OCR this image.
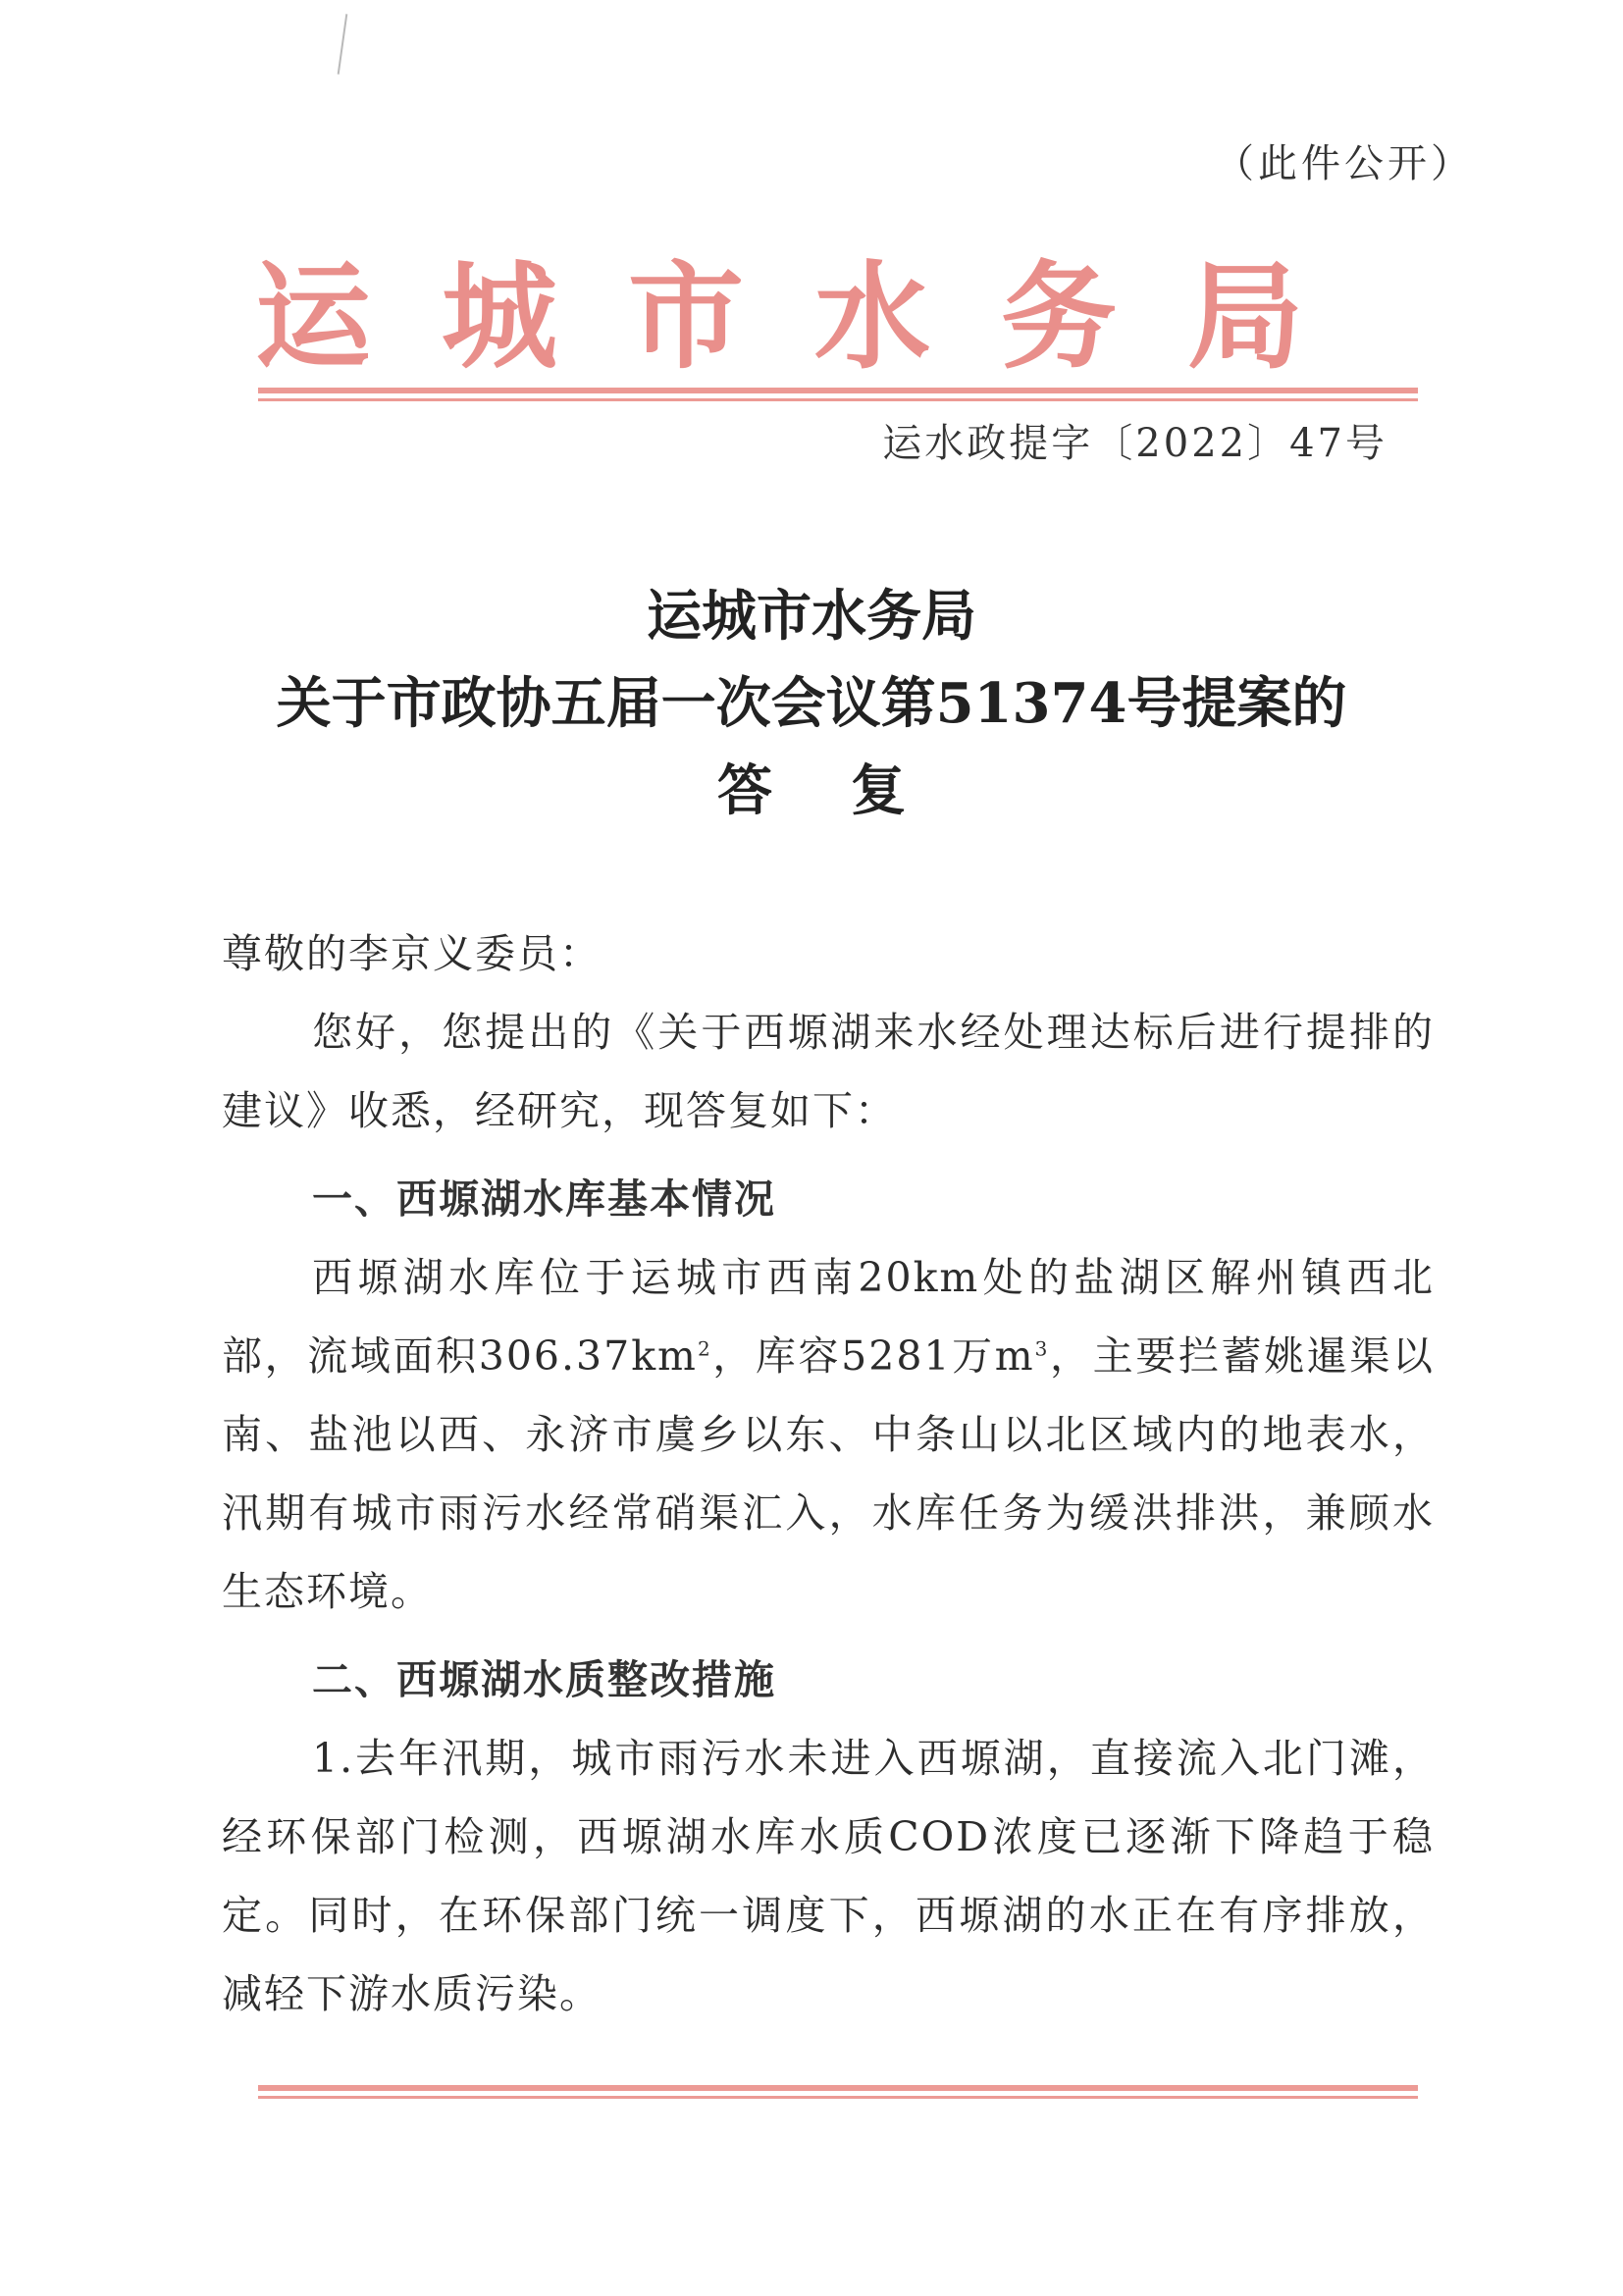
（此件公开）
运城市水务局
运水政提字〔2022〕47号
运城市水务局
关于市政协五届一次会议第51374号提案的
答复

尊敬的李京义委员：

您好，您提出的《关于西塬湖来水经处理达标后进行提排的建议》收悉，经研究，现答复如下：

一、西塬湖水库基本情况

西塬湖水库位于运城市西南20km处的盐湖区解州镇西北部，流域面积$306.37km^2$，库容5281万$m^3$，主要拦蓄姚暹渠以南、盐池以西、永济市虞乡以东、中条山以北区域内的地表水，汛期有城市雨污水经常硝渠汇入，水库任务为缓洪排洪，兼顾水生态环境。

二、西塬湖水质整改措施

1.去年汛期，城市雨污水未进入西塬湖，直接流入北门滩，经环保部门检测，西塬湖水库水质COD浓度已逐渐下降趋于稳定。同时，在环保部门统一调度下，西塬湖的水正在有序排放，减轻下游水质污染。
